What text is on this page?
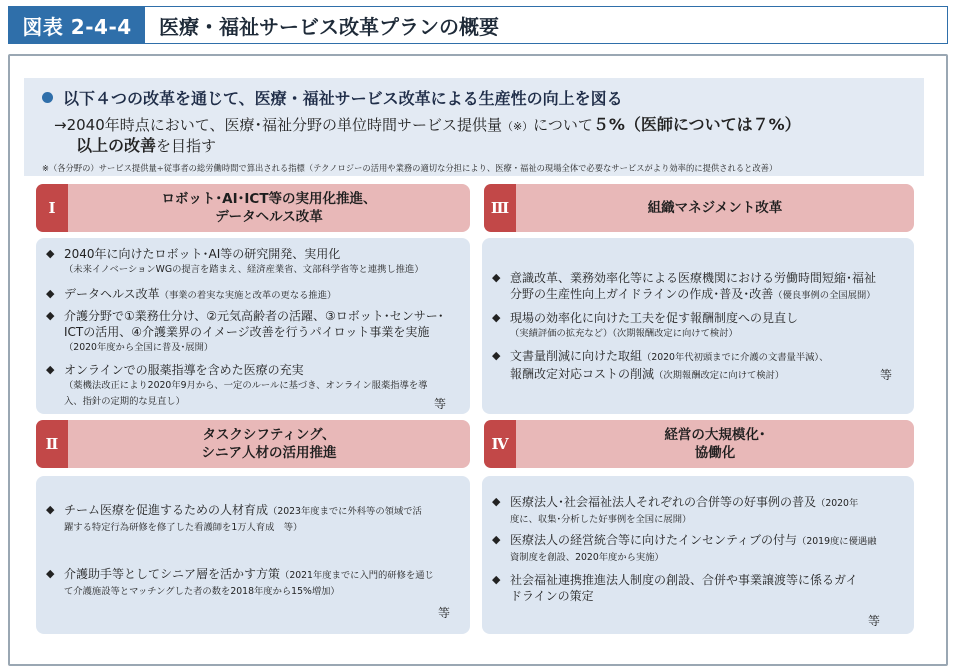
図表 2-4-4	医療・福祉サービス改革プランの概要
以下４つの改革を通じて、医療・福祉サービス改革による生産性の向上を図る
→2040年時点において、医療･福祉分野の単位時間サービス提供量（※）について５%（医師については７%）
以上の改善を目指す
※（各分野の）サービス提供量÷従事者の総労働時間で算出される指標（テクノロジーの活用や業務の適切な分担により、医療・福祉の現場全体で必要なサービスがより効率的に提供されると改善）
Ⅰ	ロボット･AI･ICT等の実用化推進、
データヘルス改革	Ⅲ	組織マネジメント改革
◆ 2040年に向けたロボット･AI等の研究開発、実用化
（未来イノベーションWGの提言を踏まえ、経済産業省、文部科学省等と連携し推進）
◆ データヘルス改革（事業の着実な実施と改革の更なる推進）
◆ 介護分野で①業務仕分け、②元気高齢者の活躍、③ロボット･センサー･
ICTの活用、④介護業界のイメージ改善を行うパイロット事業を実施
（2020年度から全国に普及･展開）
◆ オンラインでの服薬指導を含めた医療の充実
（薬機法改正により2020年9月から、一定のルールに基づき、オンライン服薬指導を導
入、指針の定期的な見直し）	等
◆ 意識改革、業務効率化等による医療機関における労働時間短縮･福祉
分野の生産性向上ガイドラインの作成･普及･改善（優良事例の全国展開）
◆ 現場の効率化に向けた工夫を促す報酬制度への見直し
（実績評価の拡充など）（次期報酬改定に向けて検討）
◆ 文書量削減に向けた取組（2020年代初頭までに介護の文書量半減）、
報酬改定対応コストの削減（次期報酬改定に向けて検討）	等
Ⅱ	タスクシフティング、
シニア人材の活用推進	Ⅳ	経営の大規模化･
協働化
◆ チーム医療を促進するための人材育成（2023年度までに外科等の領域で活
躍する特定行為研修を修了した看護師を1万人育成　等）
◆ 介護助手等としてシニア層を活かす方策（2021年度までに入門的研修を通じ
て介護施設等とマッチングした者の数を2018年度から15%増加）
等
◆ 医療法人･社会福祉法人それぞれの合併等の好事例の普及（2020年
度に、収集･分析した好事例を全国に展開）
◆ 医療法人の経営統合等に向けたインセンティブの付与（2019度に優遇融
資制度を創設、2020年度から実施）
◆ 社会福祉連携推進法人制度の創設、合併や事業譲渡等に係るガイ
ドラインの策定
等
